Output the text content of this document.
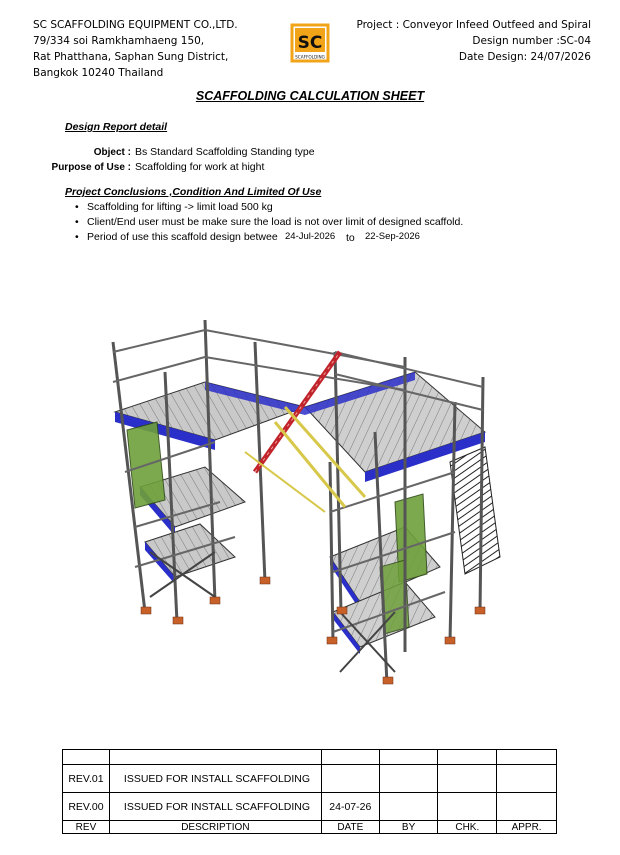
SC SCAFFOLDING EQUIPMENT CO.,LTD.
79/334 soi Ramkhamhaeng 150,
Rat Phatthana, Saphan Sung District,
Bangkok 10240 Thailand
SC
SCAFFOLDING
Project : Conveyor Infeed Outfeed and Spiral
Design number :SC-04
Date Design: 24/07/2026
SCAFFOLDING CALCULATION SHEET
Design Report detail
Object : Bs Standard Scaffolding Standing type
Purpose of Use : Scaffolding for work at hight
Project Conclusions ,Condition And Limited Of Use
• Scaffolding for lifting -> limit load 500 kg
• Client/End user must be make sure the load is not over limit of designed scaffold.
• Period of use this scaffold design betwee 24-Jul-2026 to 22-Sep-2026

REV.01	ISSUED FOR INSTALL SCAFFOLDING				
REV.00	ISSUED FOR INSTALL SCAFFOLDING	24-07-26			
REV	DESCRIPTION	DATE	BY	CHK.	APPR.
